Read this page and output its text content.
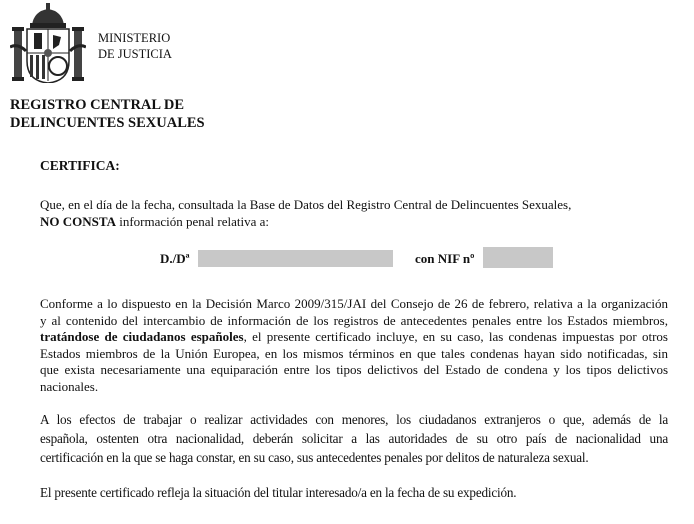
MINISTERIO
DE JUSTICIA
REGISTRO CENTRAL DE
DELINCUENTES SEXUALES
CERTIFICA:
Que, en el día de la fecha, consultada la Base de Datos del Registro Central de Delincuentes Sexuales,
NO CONSTA información penal relativa a:
D./Dª	con NIF nº
Conforme a lo dispuesto en la Decisión Marco 2009/315/JAI del Consejo de 26 de febrero, relativa a la organización
y al contenido del intercambio de información de los registros de antecedentes penales entre los Estados miembros,
tratándose de ciudadanos españoles, el presente certificado incluye, en su caso, las condenas impuestas por otros
Estados miembros de la Unión Europea, en los mismos términos en que tales condenas hayan sido notificadas, sin
que exista necesariamente una equiparación entre los tipos delictivos del Estado de condena y los tipos delictivos
nacionales.
A los efectos de trabajar o realizar actividades con menores, los ciudadanos extranjeros o que, además de la
española, ostenten otra nacionalidad, deberán solicitar a las autoridades de su otro país de nacionalidad una
certificación en la que se haga constar, en su caso, sus antecedentes penales por delitos de naturaleza sexual.
El presente certificado refleja la situación del titular interesado/a en la fecha de su expedición.
